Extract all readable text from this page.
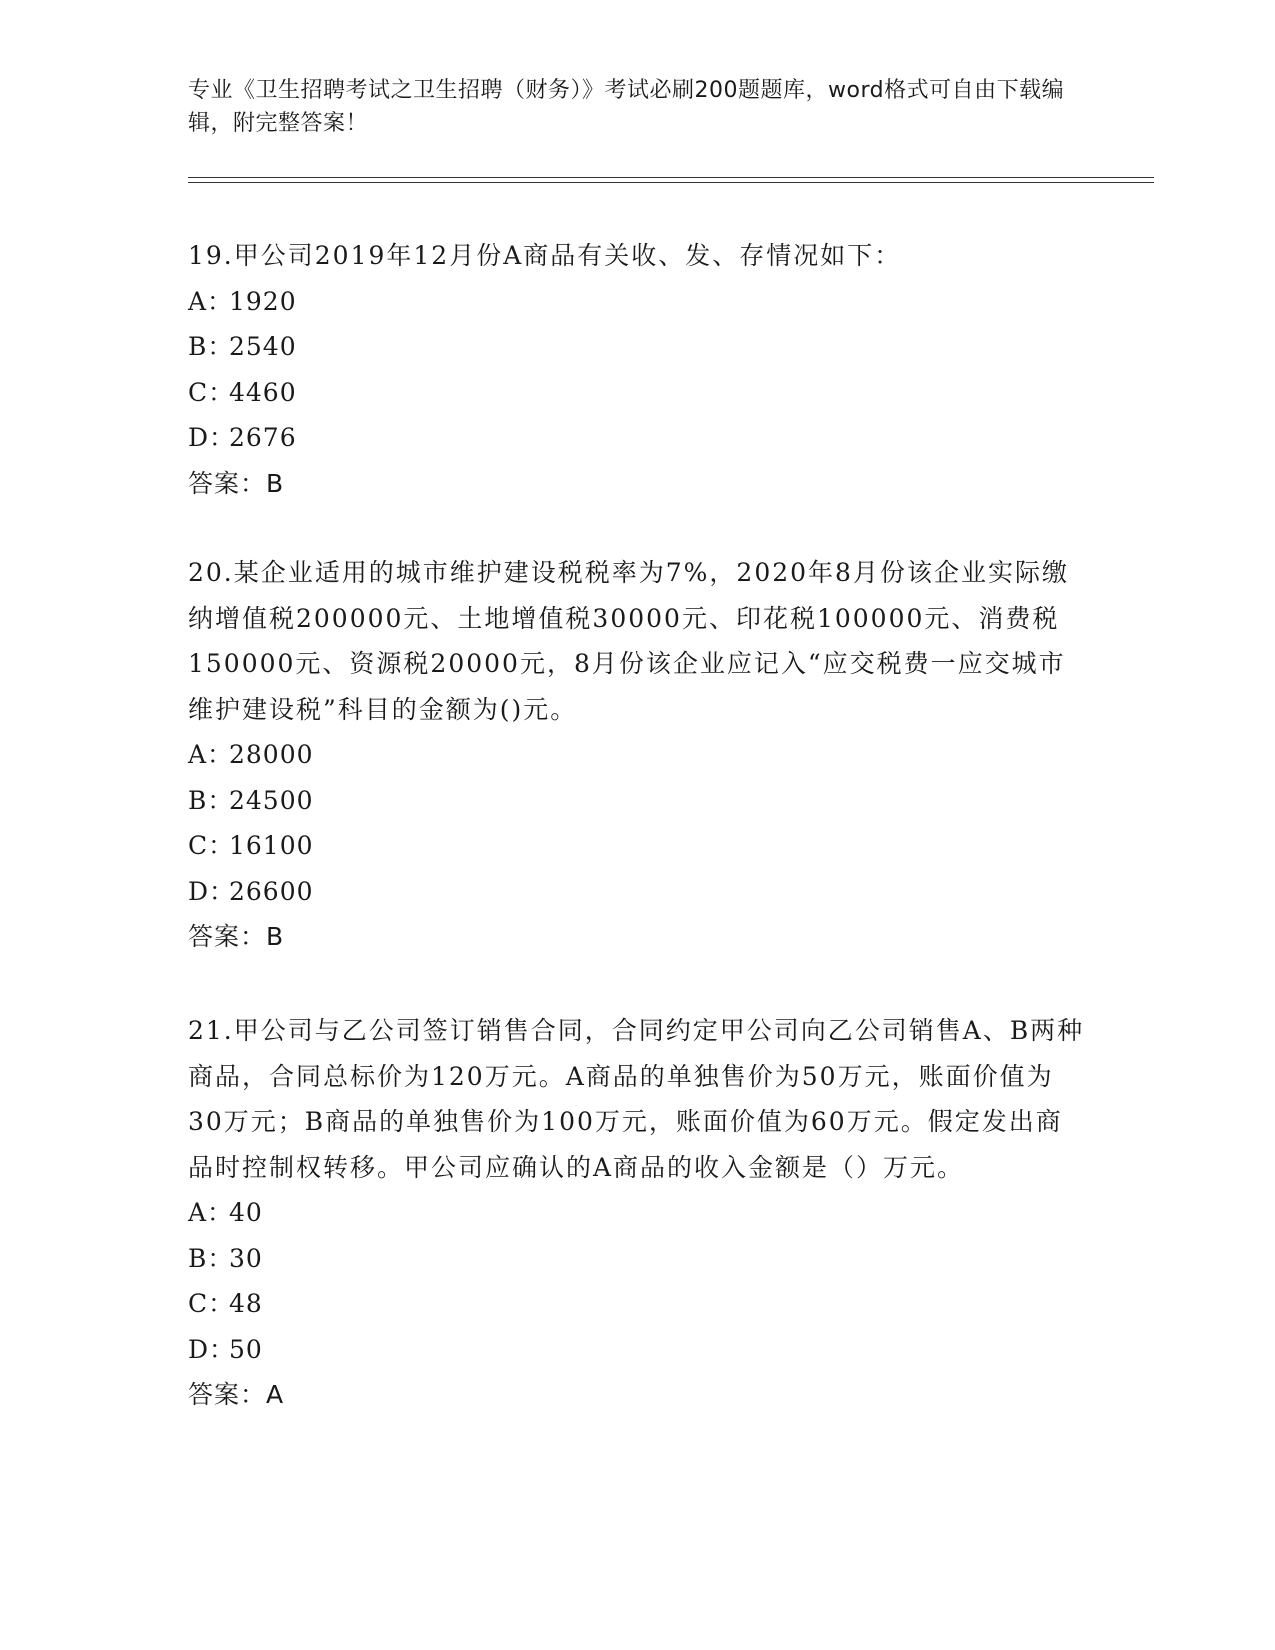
专业《卫生招聘考试之卫生招聘（财务）》考试必刷200题题库，word格式可自由下载编辑，附完整答案！

19.甲公司2019年12月份A商品有关收、发、存情况如下：

A：1920

B：2540

C：4460

D：2676

答案：B

20.某企业适用的城市维护建设税税率为7%，2020年8月份该企业实际缴纳增值税200000元、土地增值税30000元、印花税100000元、消费税150000元、资源税20000元，8月份该企业应记入“应交税费一应交城市维护建设税”科目的金额为()元。

A：28000

B：24500

C：16100

D：26600

答案：B

21.甲公司与乙公司签订销售合同，合同约定甲公司向乙公司销售A、B两种商品，合同总标价为120万元。A商品的单独售价为50万元，账面价值为30万元；B商品的单独售价为100万元，账面价值为60万元。假定发出商品时控制权转移。甲公司应确认的A商品的收入金额是（）万元。

A：40

B：30

C：48

D：50

答案：A
